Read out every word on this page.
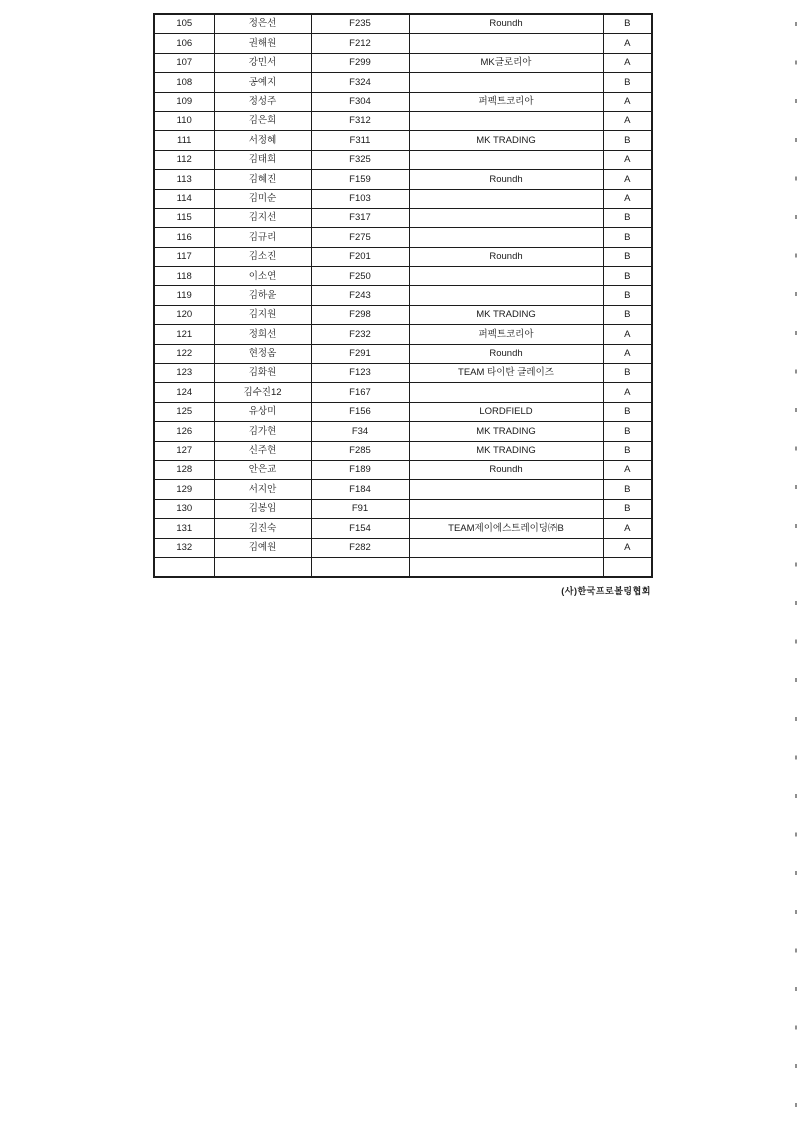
105	정은선	F235	Roundh	B
106	권해원	F212		A
107	강민서	F299	MK글로리아	A
108	공예지	F324		B
109	정성주	F304	퍼펙트코리아	A
110	김은희	F312		A
111	서정혜	F311	MK TRADING	B
112	김태희	F325		A
113	김혜진	F159	Roundh	A
114	김미순	F103		A
115	김지선	F317		B
116	김규리	F275		B
117	김소진	F201	Roundh	B
118	이소연	F250		B
119	김하윤	F243		B
120	김지원	F298	MK TRADING	B
121	정희선	F232	퍼펙트코리아	A
122	현정옴	F291	Roundh	A
123	김화원	F123	TEAM 타이탄 글레이즈	B
124	김수진12	F167		A
125	유상미	F156	LORDFIELD	B
126	김가현	F34	MK TRADING	B
127	신주현	F285	MK TRADING	B
128	안은교	F189	Roundh	A
129	서지안	F184		B
130	김봉임	F91		B
131	김진숙	F154	TEAM제이에스트레이딩㈜B	A
132	김예원	F282		A

(사)한국프로볼링협회
